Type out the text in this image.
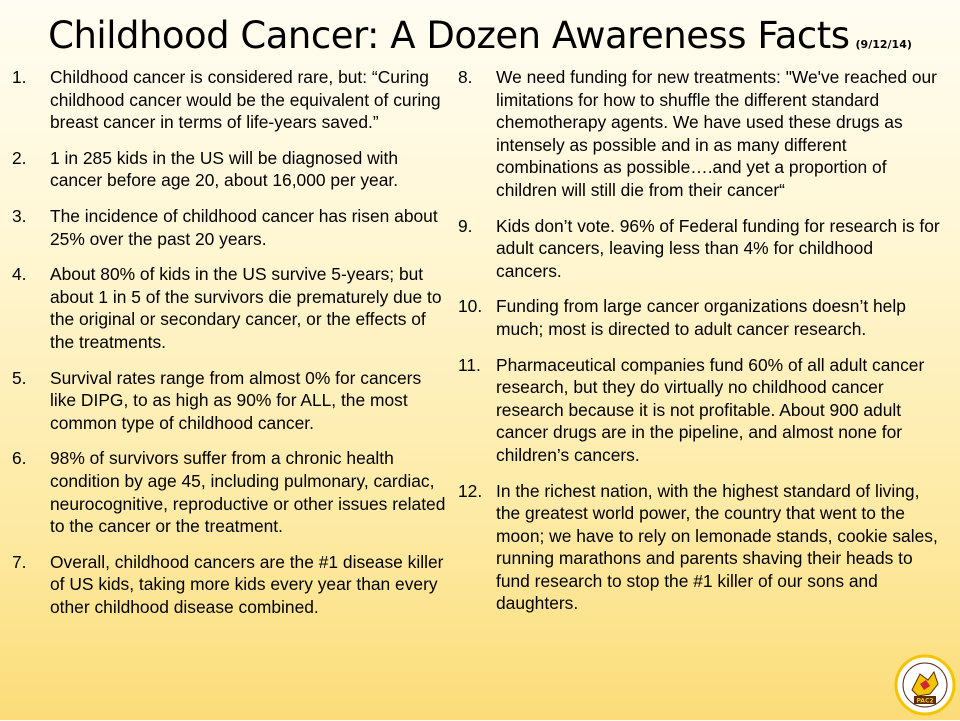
Childhood Cancer: A Dozen Awareness Facts (9/12/14)
1. Childhood cancer is considered rare, but: “Curing childhood cancer would be the equivalent of curing breast cancer in terms of life-years saved.”
2. 1 in 285 kids in the US will be diagnosed with cancer before age 20, about 16,000 per year.
3. The incidence of childhood cancer has risen about 25% over the past 20 years.
4. About 80% of kids in the US survive 5-years; but about 1 in 5 of the survivors die prematurely due to the original or secondary cancer, or the effects of the treatments.
5. Survival rates range from almost 0% for cancers like DIPG, to as high as 90% for ALL, the most common type of childhood cancer.
6. 98% of survivors suffer from a chronic health condition by age 45, including pulmonary, cardiac, neurocognitive, reproductive or other issues related to the cancer or the treatment.
7. Overall, childhood cancers are the #1 disease killer of US kids, taking more kids every year than every other childhood disease combined.
8. We need funding for new treatments: "We've reached our limitations for how to shuffle the different standard chemotherapy agents. We have used these drugs as intensely as possible and in as many different combinations as possible….and yet a proportion of children will still die from their cancer“
9. Kids don’t vote. 96% of Federal funding for research is for adult cancers, leaving less than 4% for childhood cancers.
10. Funding from large cancer organizations doesn’t help much; most is directed to adult cancer research.
11. Pharmaceutical companies fund 60% of all adult cancer research, but they do virtually no childhood cancer research because it is not profitable. About 900 adult cancer drugs are in the pipeline, and almost none for children’s cancers.
12. In the richest nation, with the highest standard of living, the greatest world power, the country that went to the moon; we have to rely on lemonade stands, cookie sales, running marathons and parents shaving their heads to fund research to stop the #1 killer of our sons and daughters.
PAC2
